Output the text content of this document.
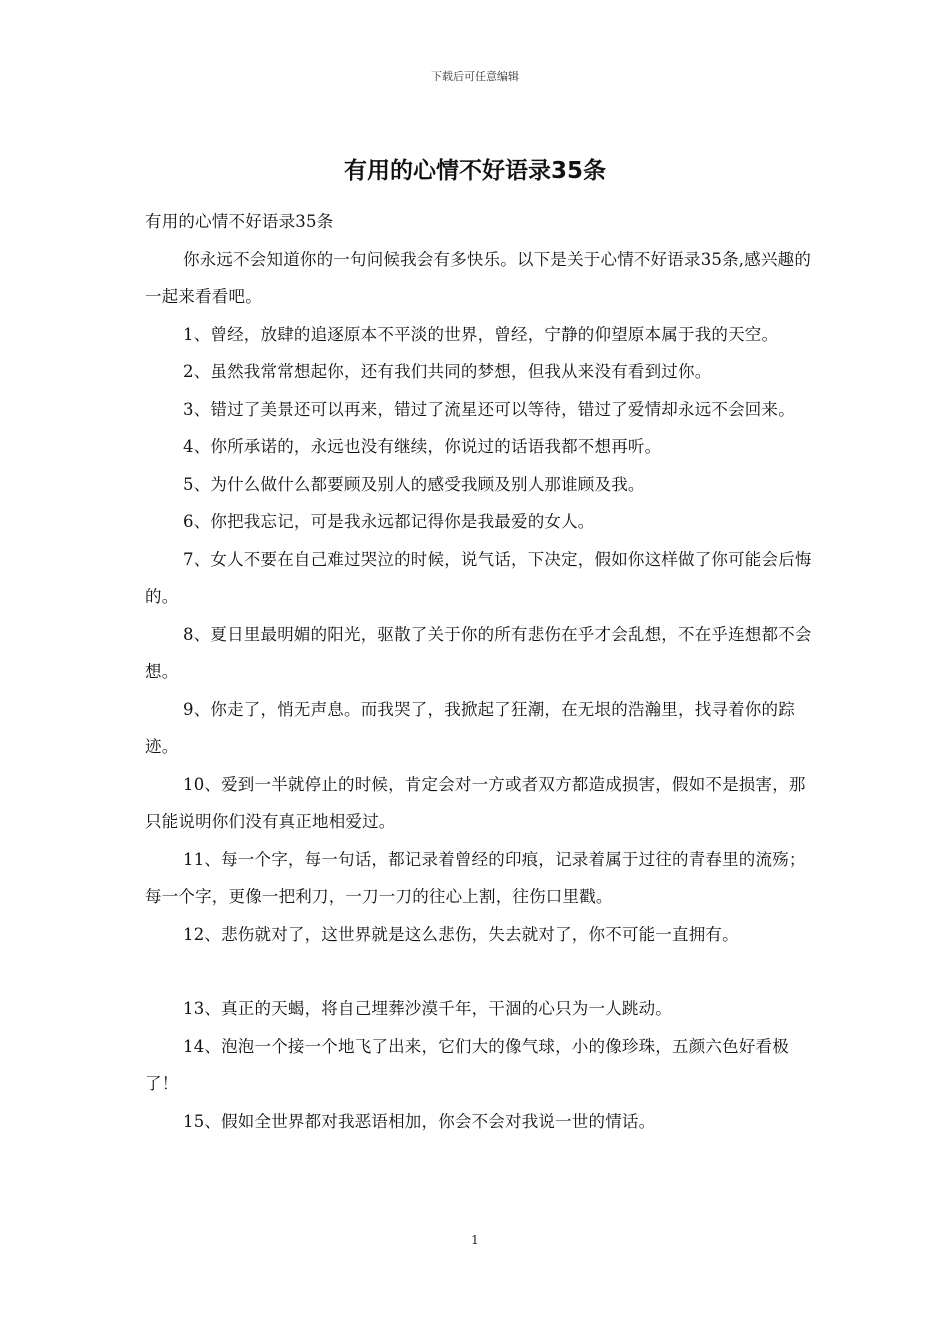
下载后可任意编辑
有用的心情不好语录35条

有用的心情不好语录35条

你永远不会知道你的一句问候我会有多快乐。以下是关于心情不好语录35条,感兴趣的一起来看看吧。

1、曾经，放肆的追逐原本不平淡的世界，曾经，宁静的仰望原本属于我的天空。

2、虽然我常常想起你，还有我们共同的梦想，但我从来没有看到过你。

3、错过了美景还可以再来，错过了流星还可以等待，错过了爱情却永远不会回来。

4、你所承诺的，永远也没有继续，你说过的话语我都不想再听。

5、为什么做什么都要顾及别人的感受我顾及别人那谁顾及我。

6、你把我忘记，可是我永远都记得你是我最爱的女人。

7、女人不要在自己难过哭泣的时候，说气话，下决定，假如你这样做了你可能会后悔的。

8、夏日里最明媚的阳光，驱散了关于你的所有悲伤在乎才会乱想，不在乎连想都不会想。

9、你走了，悄无声息。而我哭了，我掀起了狂潮，在无垠的浩瀚里，找寻着你的踪迹。

10、爱到一半就停止的时候，肯定会对一方或者双方都造成损害，假如不是损害，那只能说明你们没有真正地相爱过。

11、每一个字，每一句话，都记录着曾经的印痕，记录着属于过往的青春里的流殇；每一个字，更像一把利刀，一刀一刀的往心上割，往伤口里戳。

12、悲伤就对了，这世界就是这么悲伤，失去就对了，你不可能一直拥有。

13、真正的天蝎，将自己埋葬沙漠千年，干涸的心只为一人跳动。

14、泡泡一个接一个地飞了出来，它们大的像气球，小的像珍珠，五颜六色好看极了！

15、假如全世界都对我恶语相加，你会不会对我说一世的情话。

1
